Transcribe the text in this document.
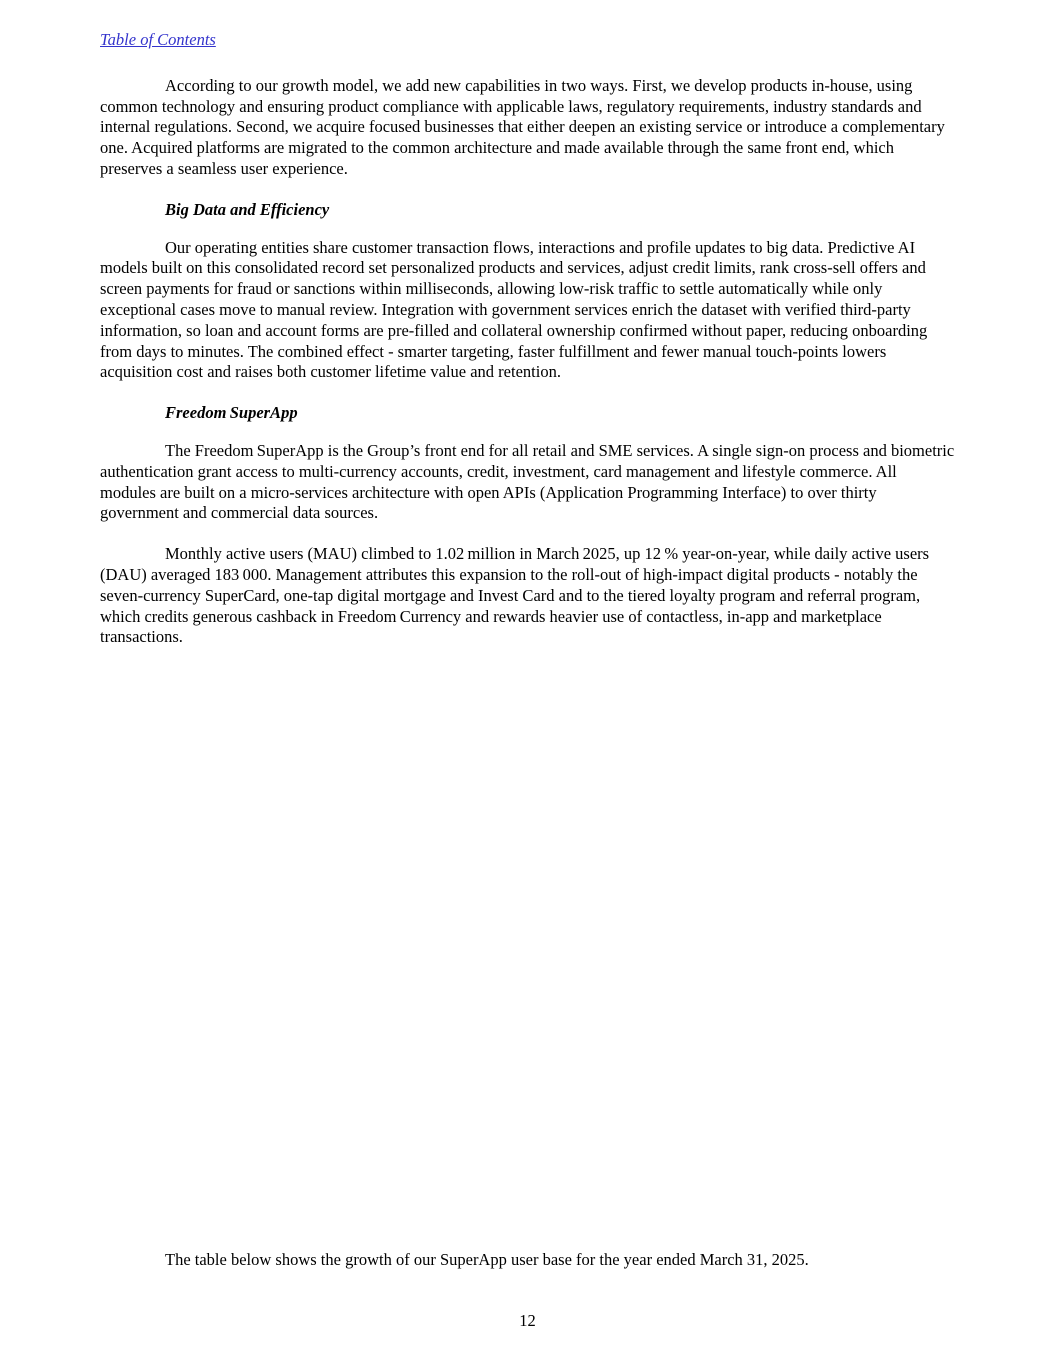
Table of Contents

According to our growth model, we add new capabilities in two ways. First, we develop products in-house, using common technology and ensuring product compliance with applicable laws, regulatory requirements, industry standards and internal regulations. Second, we acquire focused businesses that either deepen an existing service or introduce a complementary one. Acquired platforms are migrated to the common architecture and made available through the same front end, which preserves a seamless user experience.

Big Data and Efficiency

Our operating entities share customer transaction flows, interactions and profile updates to big data. Predictive AI models built on this consolidated record set personalized products and services, adjust credit limits, rank cross-sell offers and screen payments for fraud or sanctions within milliseconds, allowing low-risk traffic to settle automatically while only exceptional cases move to manual review. Integration with government services enrich the dataset with verified third-party information, so loan and account forms are pre-filled and collateral ownership confirmed without paper, reducing onboarding from days to minutes. The combined effect - smarter targeting, faster fulfillment and fewer manual touch-points lowers acquisition cost and raises both customer lifetime value and retention.

Freedom SuperApp

The Freedom SuperApp is the Group’s front end for all retail and SME services. A single sign-on process and biometric authentication grant access to multi-currency accounts, credit, investment, card management and lifestyle commerce. All modules are built on a micro-services architecture with open APIs (Application Programming Interface) to over thirty government and commercial data sources.

Monthly active users (MAU) climbed to 1.02 million in March 2025, up 12 % year-on-year, while daily active users (DAU) averaged 183 000. Management attributes this expansion to the roll-out of high-impact digital products - notably the seven-currency SuperCard, one-tap digital mortgage and Invest Card and to the tiered loyalty program and referral program, which credits generous cashback in Freedom Currency and rewards heavier use of contactless, in-app and marketplace transactions.

The table below shows the growth of our SuperApp user base for the year ended March 31, 2025.

12
